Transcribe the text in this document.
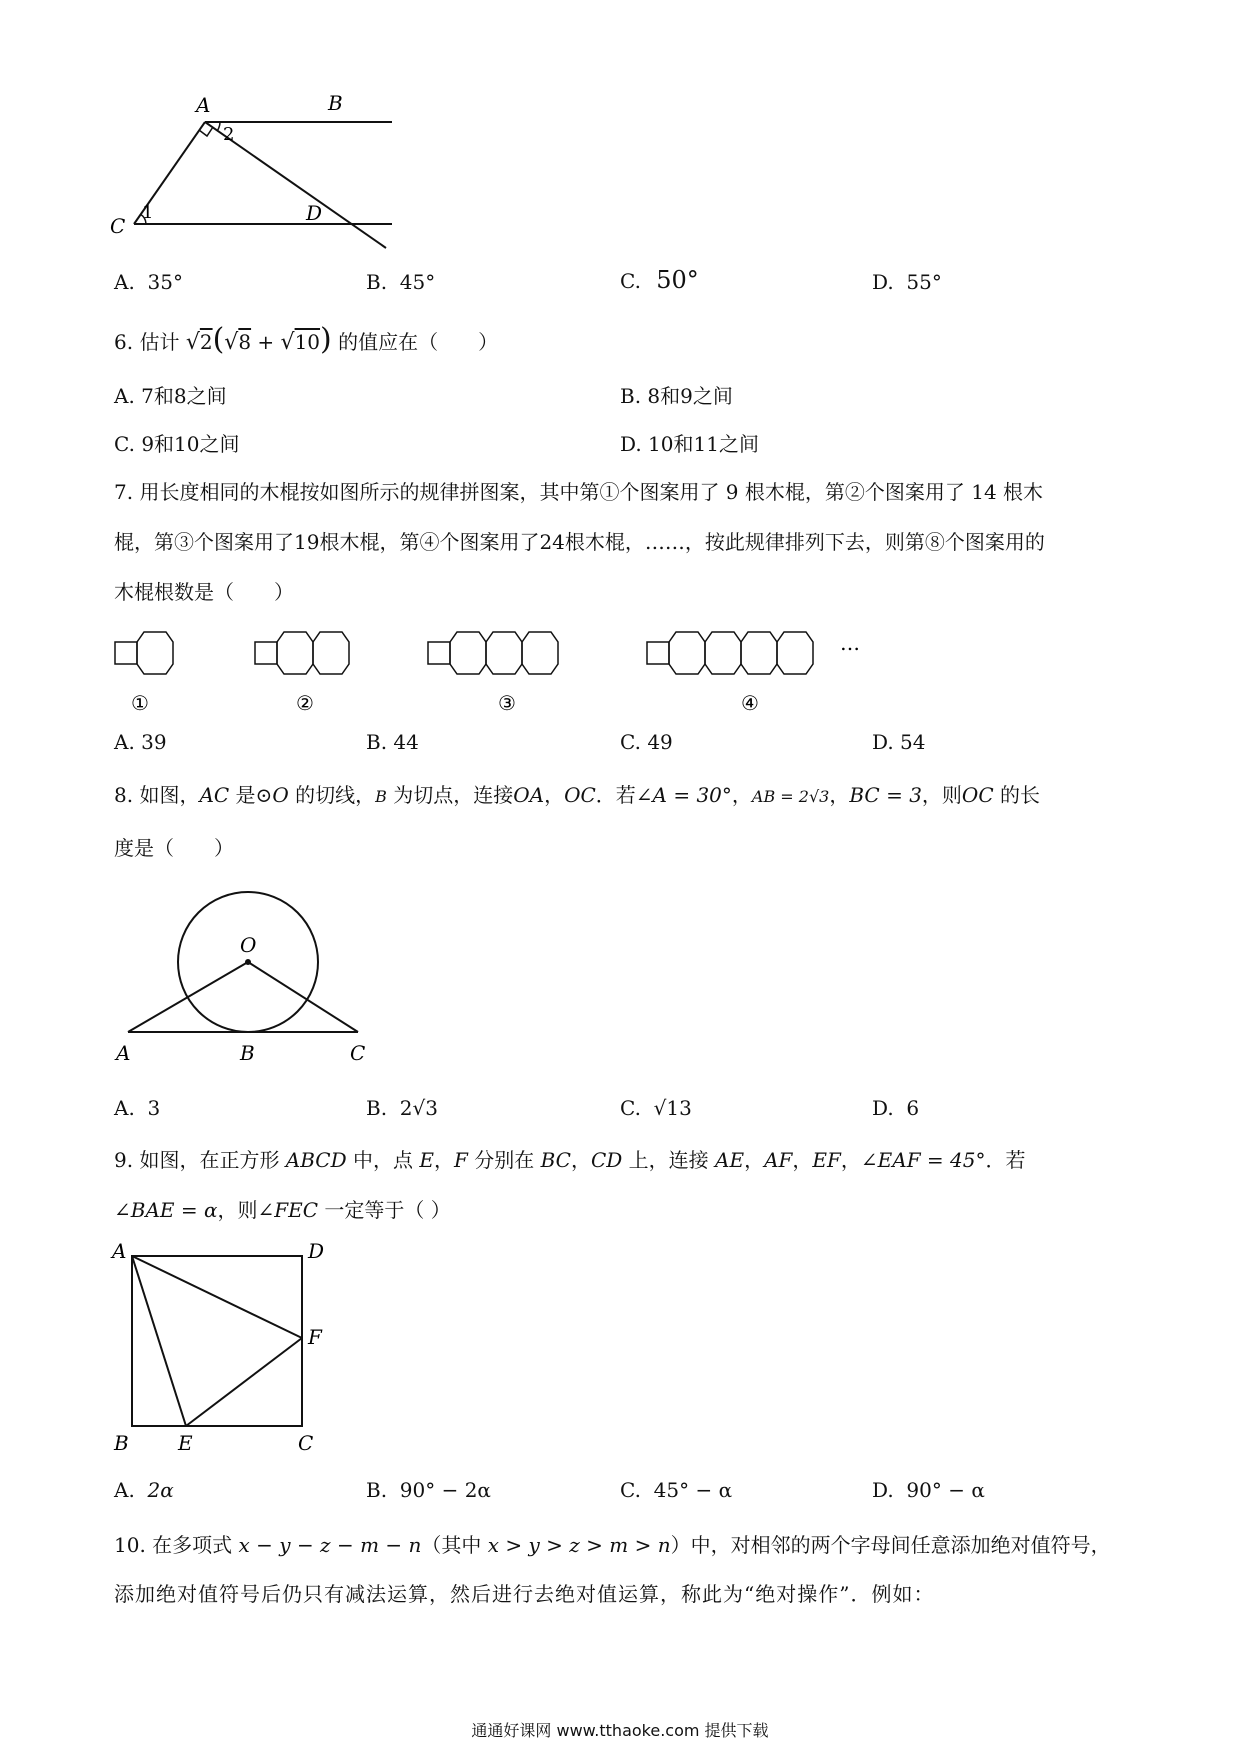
A	B
C
D
1
2
A. 35°	B. 45°	C. 50°	D. 55°
6. 估计 √2(√8 + √10) 的值应在（　　）
A. 7和8之间	B. 8和9之间
C. 9和10之间	D. 10和11之间
7. 用长度相同的木棍按如图所示的规律拼图案，其中第①个图案用了 9 根木棍，第②个图案用了 14 根木
棍，第③个图案用了19根木棍，第④个图案用了24根木棍，……，按此规律排列下去，则第⑧个图案用的
木棍根数是（　　）
…
①	②	③	④
A. 39	B. 44	C. 49	D. 54
8. 如图，AC 是⊙O 的切线，B 为切点，连接OA，OC．若∠A = 30°，AB = 2√3，BC = 3，则OC 的长
度是（　　）
O
A	B	C
A. 3	B. 2√3	C. √13	D. 6
9. 如图，在正方形 ABCD 中，点 E，F 分别在 BC，CD 上，连接 AE，AF，EF，∠EAF = 45°．若
∠BAE = α，则∠FEC 一定等于（ ）
A	D
F
B E	C
A. 2α	B. 90° − 2α	C. 45° − α	D. 90° − α
10. 在多项式 x − y − z − m − n（其中 x > y > z > m > n）中，对相邻的两个字母间任意添加绝对值符号，
添加绝对值符号后仍只有减法运算，然后进行去绝对值运算，称此为“绝对操作”．例如：
通通好课网 www.tthaoke.com 提供下载
